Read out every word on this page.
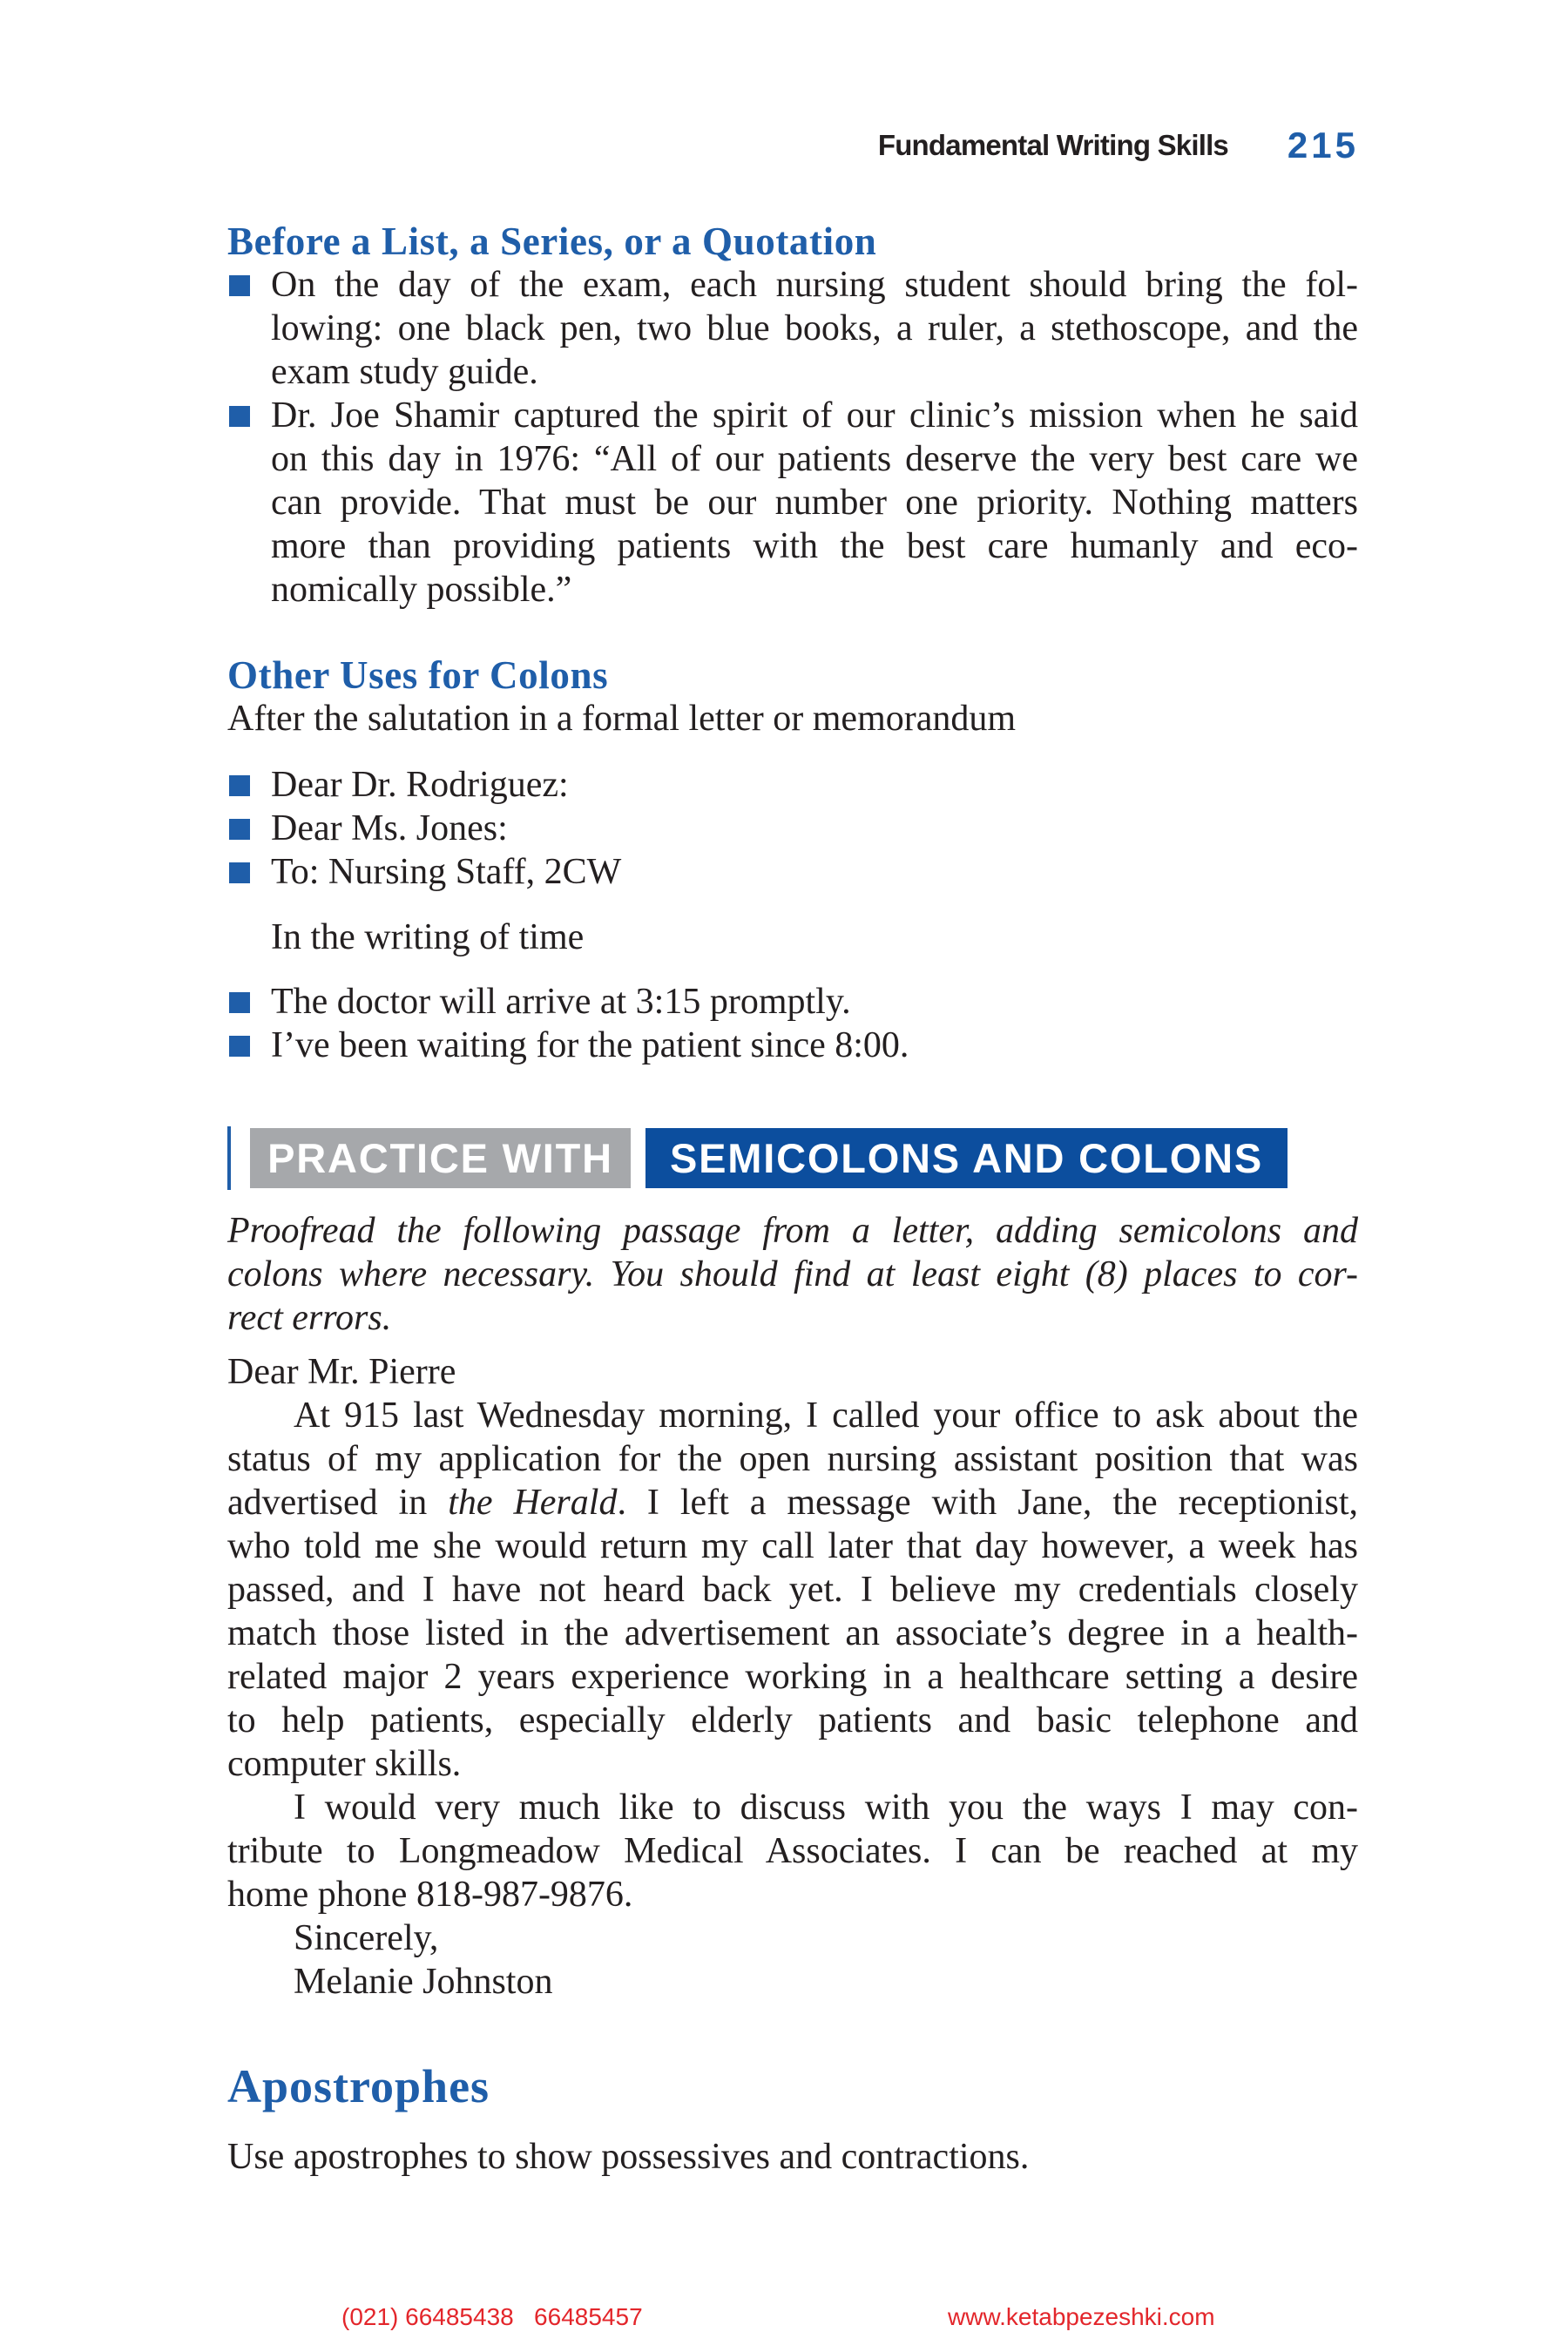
Fundamental Writing Skills 215
Before a List, a Series, or a Quotation
On the day of the exam, each nursing student should bring the fol-
lowing: one black pen, two blue books, a ruler, a stethoscope, and the
exam study guide.
Dr. Joe Shamir captured the spirit of our clinic’s mission when he said
on this day in 1976: “All of our patients deserve the very best care we
can provide. That must be our number one priority. Nothing matters
more than providing patients with the best care humanly and eco-
nomically possible.”
Other Uses for Colons
After the salutation in a formal letter or memorandum
Dear Dr. Rodriguez:
Dear Ms. Jones:
To: Nursing Staff, 2CW
In the writing of time
The doctor will arrive at 3:15 promptly.
I’ve been waiting for the patient since 8:00.
PRACTICE WITH	SEMICOLONS AND COLONS
Proofread the following passage from a letter, adding semicolons and
colons where necessary. You should find at least eight (8) places to cor-
rect errors.
Dear Mr. Pierre
At 915 last Wednesday morning, I called your office to ask about the
status of my application for the open nursing assistant position that was
advertised in the Herald. I left a message with Jane, the receptionist,
who told me she would return my call later that day however, a week has
passed, and I have not heard back yet. I believe my credentials closely
match those listed in the advertisement an associate’s degree in a health-
related major 2 years experience working in a healthcare setting a desire
to help patients, especially elderly patients and basic telephone and
computer skills.
I would very much like to discuss with you the ways I may con-
tribute to Longmeadow Medical Associates. I can be reached at my
home phone 818-987-9876.
Sincerely,
Melanie Johnston
Apostrophes
Use apostrophes to show possessives and contractions.
(021) 66485438   66485457	www.ketabpezeshki.com
